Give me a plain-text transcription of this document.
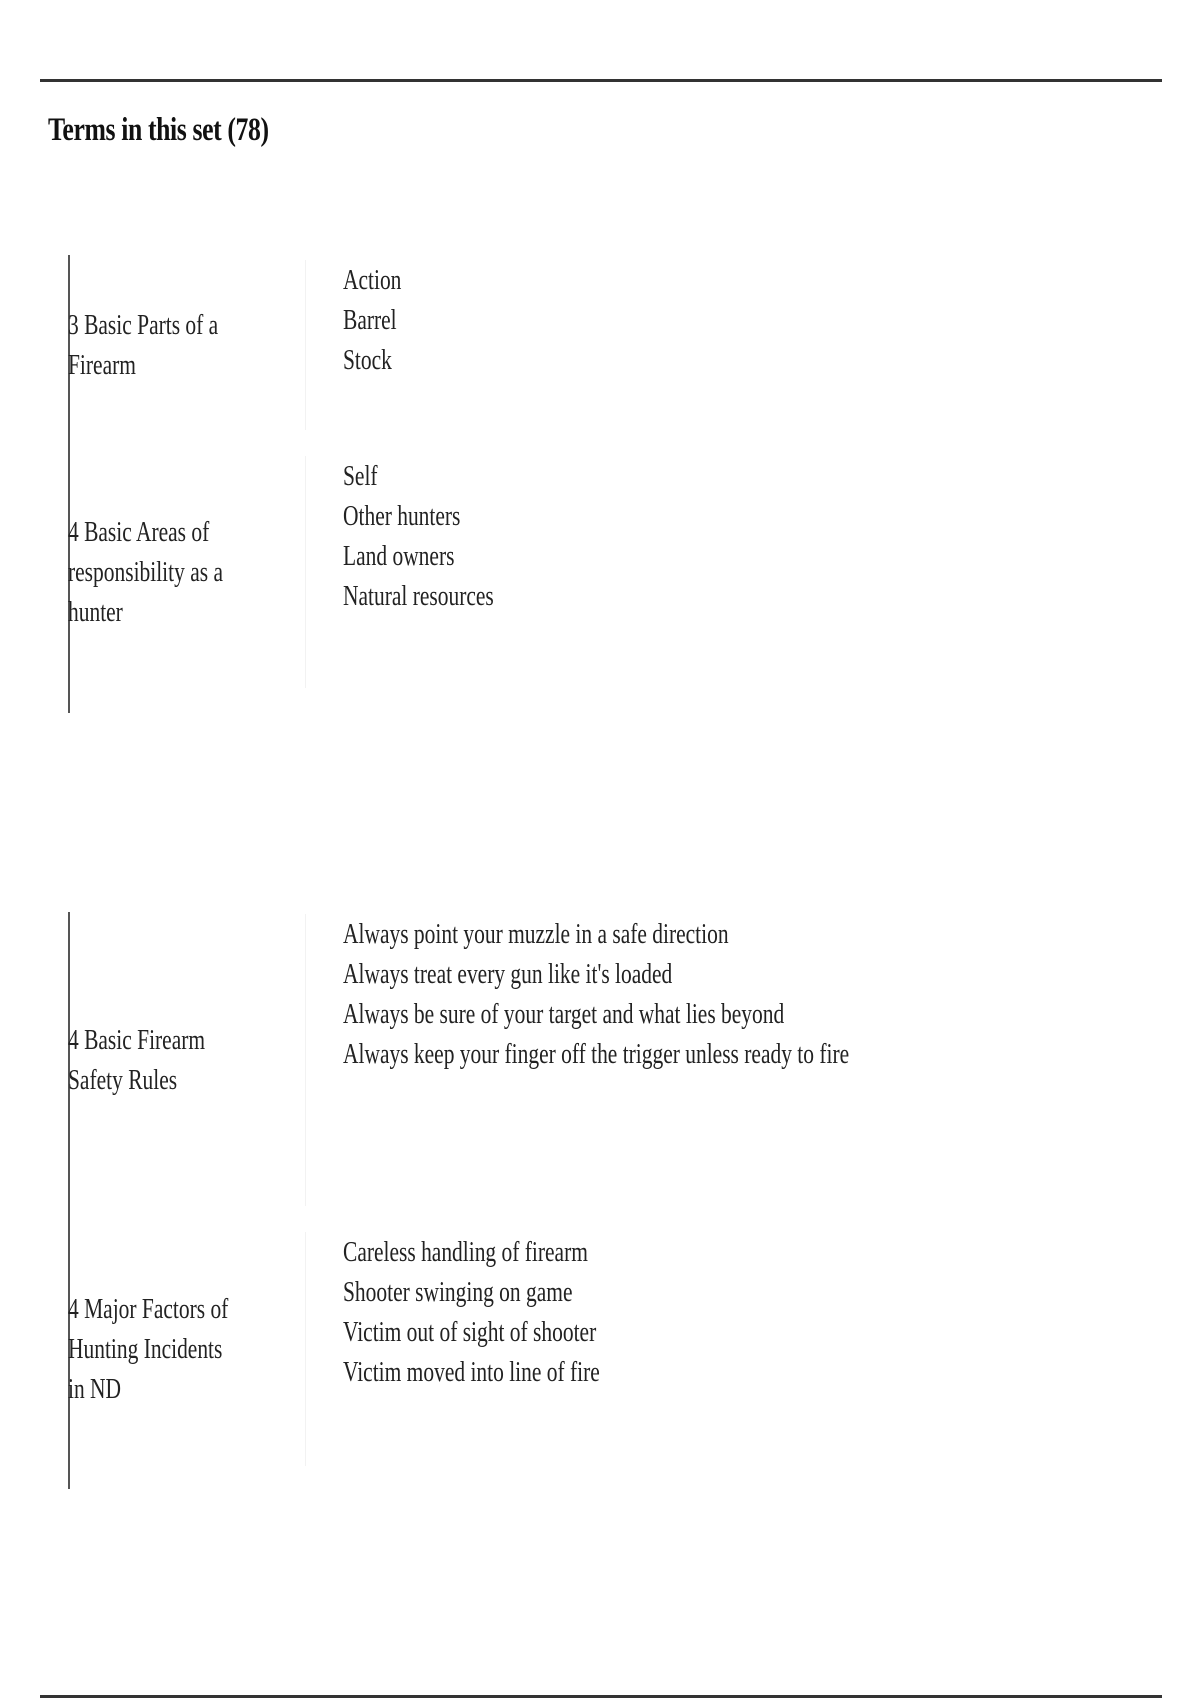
Terms in this set (78)
3 Basic Parts of a Firearm
Action
Barrel
Stock
4 Basic Areas of responsibility as a hunter
Self
Other hunters
Land owners
Natural resources
4 Basic Firearm Safety Rules
Always point your muzzle in a safe direction
Always treat every gun like it's loaded
Always be sure of your target and what lies beyond
Always keep your finger off the trigger unless ready to fire
4 Major Factors of Hunting Incidents in ND
Careless handling of firearm
Shooter swinging on game
Victim out of sight of shooter
Victim moved into line of fire
